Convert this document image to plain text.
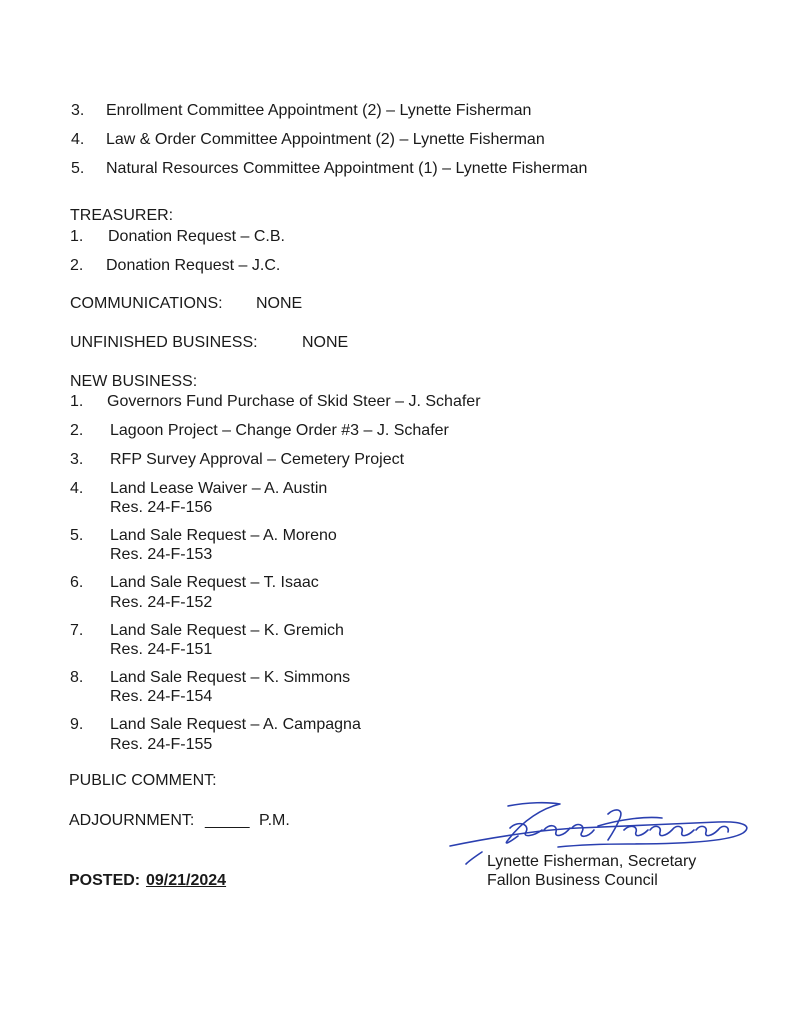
3. Enrollment Committee Appointment (2) – Lynette Fisherman
4. Law & Order Committee Appointment (2) – Lynette Fisherman
5. Natural Resources Committee Appointment (1) – Lynette Fisherman
TREASURER:
1. Donation Request – C.B.
2. Donation Request – J.C.
COMMUNICATIONS: NONE
UNFINISHED BUSINESS:	NONE
NEW BUSINESS:
1. Governors Fund Purchase of Skid Steer – J. Schafer
2. Lagoon Project – Change Order #3 – J. Schafer
3. RFP Survey Approval – Cemetery Project
4. Land Lease Waiver – A. Austin
Res. 24-F-156
5. Land Sale Request – A. Moreno
Res. 24-F-153
6. Land Sale Request – T. Isaac
Res. 24-F-152
7. Land Sale Request – K. Gremich
Res. 24-F-151
8. Land Sale Request – K. Simmons
Res. 24-F-154
9. Land Sale Request – A. Campagna
Res. 24-F-155
PUBLIC COMMENT:
ADJOURNMENT: _____ P.M.
POSTED: 09/21/2024
Lynette Fisherman, Secretary
Fallon Business Council
